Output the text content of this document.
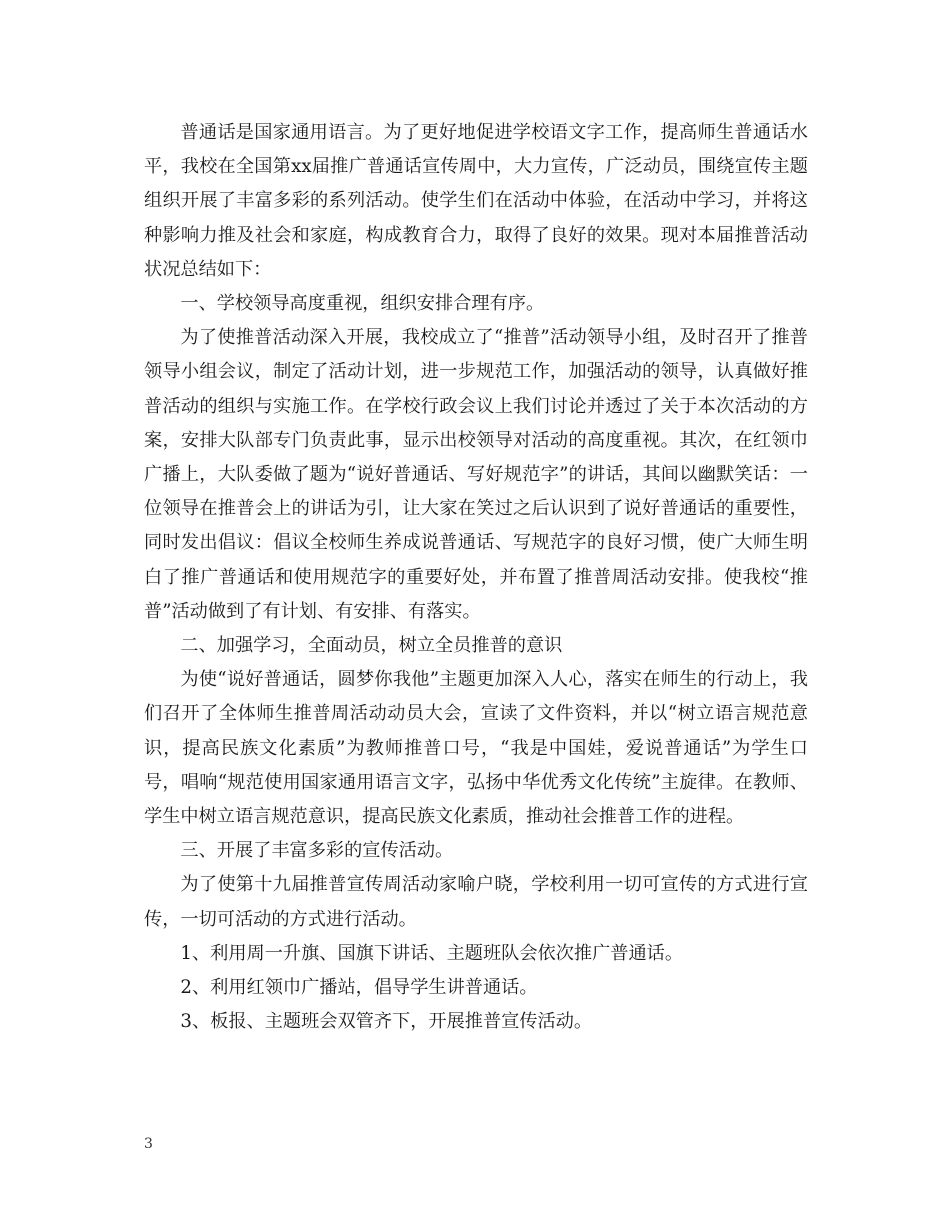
普通话是国家通用语言。为了更好地促进学校语文字工作，提高师生普通话水平，我校在全国第xx届推广普通话宣传周中，大力宣传，广泛动员，围绕宣传主题组织开展了丰富多彩的系列活动。使学生们在活动中体验，在活动中学习，并将这种影响力推及社会和家庭，构成教育合力，取得了良好的效果。现对本届推普活动状况总结如下：

一、学校领导高度重视，组织安排合理有序。

为了使推普活动深入开展，我校成立了“推普”活动领导小组，及时召开了推普领导小组会议，制定了活动计划，进一步规范工作，加强活动的领导，认真做好推普活动的组织与实施工作。在学校行政会议上我们讨论并透过了关于本次活动的方案，安排大队部专门负责此事，显示出校领导对活动的高度重视。其次，在红领巾广播上，大队委做了题为“说好普通话、写好规范字”的讲话，其间以幽默笑话：一位领导在推普会上的讲话为引，让大家在笑过之后认识到了说好普通话的重要性，同时发出倡议：倡议全校师生养成说普通话、写规范字的良好习惯，使广大师生明白了推广普通话和使用规范字的重要好处，并布置了推普周活动安排。使我校“推普”活动做到了有计划、有安排、有落实。

二、加强学习，全面动员，树立全员推普的意识

为使“说好普通话，圆梦你我他”主题更加深入人心，落实在师生的行动上，我们召开了全体师生推普周活动动员大会，宣读了文件资料，并以“树立语言规范意识，提高民族文化素质”为教师推普口号，“我是中国娃，爱说普通话”为学生口号，唱响“规范使用国家通用语言文字，弘扬中华优秀文化传统”主旋律。在教师、学生中树立语言规范意识，提高民族文化素质，推动社会推普工作的进程。

三、开展了丰富多彩的宣传活动。

为了使第十九届推普宣传周活动家喻户晓，学校利用一切可宣传的方式进行宣传，一切可活动的方式进行活动。

1、利用周一升旗、国旗下讲话、主题班队会依次推广普通话。

2、利用红领巾广播站，倡导学生讲普通话。

3、板报、主题班会双管齐下，开展推普宣传活动。

3
